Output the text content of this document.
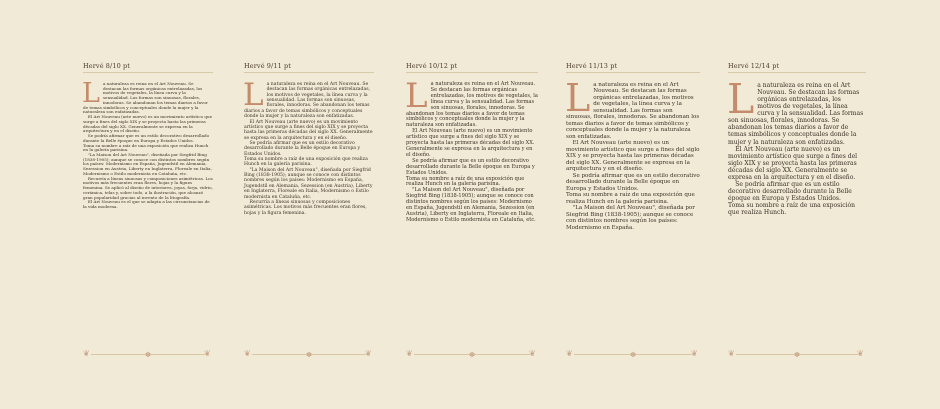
Hervé 8/10 pt
L a naturaleza es reina en el Art Nouveau. Se destacan las formas orgánicas entrelazadas, los motivos de vegetales, la línea curva y la sensualidad. Las formas son sinuosas, florales, innodoras. Se abandonan los temas diarios a favor de temas simbólicos y conceptuales donde la mujer y la naturaleza son enfatizadas.

El Art Nouveau (arte nuevo) es un movimiento artístico que surge a fines del siglo XIX y se proyecta hasta las primeras décadas del siglo XX. Generalmente se expresa en la arquitectura y en el diseño.

Se podría afirmar que es un estilo decorativo desarrollado durante la Belle époque en Europa y Estados Unidos.

Toma su nombre a raíz de una exposición que realiza Hunch en la galería parisina.

"La Maison del Art Nouveau", diseñada por Siegfrid Bing (1838-1905); aunque se conoce con distintos nombres según los países: Modernismo en España, Jugendstil en Alemania, Sezession en Austria, Liberty en Inglaterra, Floreale en Italia, Modernismo o Estilo modernista en Cataluña, etc.

Recurría a líneas sinuosas y composiciones asimétricas. Los motivos más frecuentes eran flores, hojas y la figura femenina. Se aplicó al diseño de interiores, joyas, forja, vidrio, cerámica, telas y, sobre todo, a la ilustración, que alcanzó gran popularidad gracias al invento de la litografía.

El Art Nouveau es el que se adapta a las circunstancias de la vida moderna.

❦	✽	❦
Hervé 9/11 pt
L a naturaleza es reina en el Art Nouveau. Se destacan las formas orgánicas entrelazadas, los motivos de vegetales, la línea curva y la sensualidad. Las formas son sinuosas, florales, innodoras. Se abandonan los temas diarios a favor de temas simbólicos y conceptuales donde la mujer y la naturaleza son enfatizadas.

El Art Nouveau (arte nuevo) es un movimiento artístico que surge a fines del siglo XIX y se proyecta hasta las primeras décadas del siglo XX. Generalmente se expresa en la arquitectura y en el diseño.

Se podría afirmar que es un estilo decorativo desarrollado durante la Belle époque en Europa y Estados Unidos.

Toma su nombre a raíz de una exposición que realiza Hunch en la galería parisina.

"La Maison del Art Nouveau", diseñada por Siegfrid Bing (1838-1905); aunque se conoce con distintos nombres según los países: Modernismo en España, Jugendstil en Alemania, Sezession (en Austria), Liberty en Inglaterra, Floreale en Italia, Modernismo o Estilo modernista en Cataluña, etc.

Recurría a líneas sinuosas y composiciones asimétricas. Los motivos más frecuentes eran flores, hojas y la figura femenina.

❦	✽	❦
Hervé 10/12 pt
L a naturaleza es reina en el Art Nouveau. Se destacan las formas orgánicas entrelazadas, los motivos de vegetales, la línea curva y la sensualidad. Las formas son sinuosas, florales, innodoras. Se abandonan los temas diarios a favor de temas simbólicos y conceptuales donde la mujer y la naturaleza son enfatizadas.

El Art Nouveau (arte nuevo) es un movimiento artístico que surge a fines del siglo XIX y se proyecta hasta las primeras décadas del siglo XX. Generalmente se expresa en la arquitectura y en el diseño.

Se podría afirmar que es un estilo decorativo desarrollado durante la Belle époque en Europa y Estados Unidos.

Toma su nombre a raíz de una exposición que realiza Hunch en la galería parisina.

"La Maison del Art Nouveau", diseñada por Siegfrid Bing (1838-1905); aunque se conoce con distintos nombres según los países: Modernismo en España, Jugendstil en Alemania, Sezession (en Austria), Liberty en Inglaterra, Floreale en Italia, Modernismo o Estilo modernista en Cataluña, etc.

❦	✽	❦
Hervé 11/13 pt
L a naturaleza es reina en el Art Nouveau. Se destacan las formas orgánicas entrelazadas, los motivos de vegetales, la línea curva y la sensualidad. Las formas son sinuosas, florales, innodoras. Se abandonan los temas diarios a favor de temas simbólicos y conceptuales donde la mujer y la naturaleza son enfatizadas.

El Art Nouveau (arte nuevo) es un movimiento artístico que surge a fines del siglo XIX y se proyecta hasta las primeras décadas del siglo XX. Generalmente se expresa en la arquitectura y en el diseño.

Se podría afirmar que es un estilo decorativo desarrollado durante la Belle époque en Europa y Estados Unidos.

Toma su nombre a raíz de una exposición que realiza Hunch en la galería parisina.

"La Maison del Art Nouveau", diseñada por Siegfrid Bing (1838-1905); aunque se conoce con distintos nombres según los países: Modernismo en España.

❦	✽	❦
Hervé 12/14 pt
L a naturaleza es reina en el Art Nouveau. Se destacan las formas orgánicas entrelazadas, los motivos de vegetales, la línea curva y la sensualidad. Las formas son sinuosas, florales, innodoras. Se abandonan los temas diarios a favor de temas simbólicos y conceptuales donde la mujer y la naturaleza son enfatizadas.

El Art Nouveau (arte nuevo) es un movimiento artístico que surge a fines del siglo XIX y se proyecta hasta las primeras décadas del siglo XX. Generalmente se expresa en la arquitectura y en el diseño.

Se podría afirmar que es un estilo decorativo desarrollado durante la Belle époque en Europa y Estados Unidos.

Toma su nombre a raíz de una exposición que realiza Hunch.

❦	✽	❦
